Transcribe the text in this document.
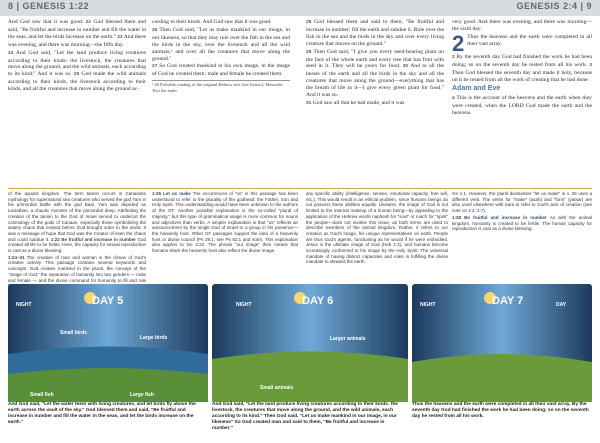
8 | GENESIS 1:22	GENESIS 2:4 | 9

And God saw that it was good. 22 God blessed them and said, "Be fruitful and increase in number and fill the water in the seas, and let the birds increase on the earth." 23 And there was evening, and there was morning—the fifth day.

24 And God said, "Let the land produce living creatures according to their kinds: the livestock, the creatures that move along the ground, and the wild animals, each according to its kind." And it was so. 25 God made the wild animals according to their kinds, the livestock according to their kinds, and all the creatures that move along the ground ac-

cording to their kinds. And God saw that it was good.

26 Then God said, "Let us make mankind in our image, in our likeness, so that they may rule over the fish in the sea and the birds in the sky, over the livestock and all the wild animals,ᵃ and over all the creatures that move along the ground."

27 So God created mankind in his own image, in the image of God he created them; male and female he created them.

ᵃ 26 Probable reading of the original Hebrew text (see Syriac); Masoretic Text the earth

28 God blessed them and said to them, "Be fruitful and increase in number; fill the earth and subdue it. Rule over the fish in the sea and the birds in the sky and over every living creature that moves on the ground."

29 Then God said, "I give you every seed-bearing plant on the face of the whole earth and every tree that has fruit with seed in it. They will be yours for food. 30 And to all the beasts of the earth and all the birds in the sky and all the creatures that move along the ground—everything that has the breath of life in it—I give every green plant for food." And it was so.

31 God saw all that he had made, and it was

very good. And there was evening, and there was morning—the sixth day.

2 Thus the heavens and the earth were completed in all their vast array.

2 By the seventh day God had finished the work he had been doing; so on the seventh day he rested from all his work. 3 Then God blessed the seventh day and made it holy, because on it he rested from all the work of creating that he had done.

Adam and Eve

4 This is the account of the heavens and the earth when they were created, when the LORD God made the earth and the heavens.

of the aquatic kingdom. The term tannin occurs in Canaanite mythology for supernatural sea creatures who served the god Yam in his primordial battle with the god Baal. Yam was depicted as Leviathan, a chaotic monster of the primordial deep. Attributing the creation of the tannin to the God of Israel served to undercut the cosmology of the gods of Canaan, especially those symbolizing the watery chaos that existed before God brought order to the world. It was a message of hope that God was the Creator of even the chaos and could subdue it. 1:22 Be fruitful and increase in number God created all life to be fertile. Here, the capacity for sexual reproduction is cast as a divine blessing.

1:24–31 The creation of man and woman is the climax of God's creative activity. This passage contains several keywords and concepts. God creates mankind in the plural, the concept of the "image of God," the separation of humanity into two genders — male and female — and the divine command for humanity to fill and rule

1:26 Let us make The occurrences of "us" in this passage has been understood to refer to the plurality of the godhead: the Father, Son and Holy Spirit. This understanding would have been unknown to the authors of the OT. Another possible explanation is the so-called "plural of majesty," but this type of grammatical usage is more common for nouns and adjectives than verbs. A simpler explanation is that "us" reflects an announcement by the single God of Israel to a group in his presence—the heavenly host. Other OT passages support the idea of a heavenly host or divine council (Ps 29:1; see Ps 82:1 and note). This explanation also applies to Ge 3:22. The phrase "our image" then means that humans share the heavenly host also reflect the divine image.

any specific ability (intelligence, senses, emotional capacity, free will, etc.). This would result in an ethical problem, since humans beings do not possess these abilities equally. Likewise, the image of God is not limited to the internal makeup of a human being—by appealing to the application of the Hebrew words naphesh for "soul" or ruach for "spirit" the people—does not involve this issue, as both terms are used to describe members of the animal kingdom. Rather, it refers to our creation as God's image, his unique representatives on earth. People are thus God's agents, functioning as he would if he were embodied. Jesus is the ultimate image of God (Heb 1:3), and humans become increasingly conformed to his image by the Holy Spirit. The universal mandate of having distinct capacities and roles in fulfilling the divine mandate to steward the earth.

Ge 1:1. However, the plural declarative "let us make" in v. 26 uses a different verb. The verbs for "make" (asah) and "form" (yatsar) are also used elsewhere with bara to refer to God's acts of creation (see note on 2:2; 2:7).

1:28 Be fruitful and increase in number As with the animal kingdom, humanity is created to be fertile. The human capacity for reproduction is cast as a divine blessing.

DAY 5
NIGHT
Small birds
Large birds
Small fish	Large fish
DAY 6
NIGHT
Larger animals
Small animals
DAY 7
NIGHT	DAY
And God said, "Let the water teem with living creatures, and let birds fly above the earth across the vault of the sky." God blessed them and said, "Be fruitful and increase in number and fill the water in the seas, and let the birds increase on the earth."
And God said, "Let the land produce living creatures according to their kinds: the livestock, the creatures that move along the ground, and the wild animals, each according to its kind." Then God said, "Let us make mankind in our image, in our likeness" So God created man and said to them, "Be fruitful and increase in number."
Thus the heavens and the earth were completed in all their vast array. By the seventh day God had finished the work he had been doing; so on the seventh day he rested from all his work.
